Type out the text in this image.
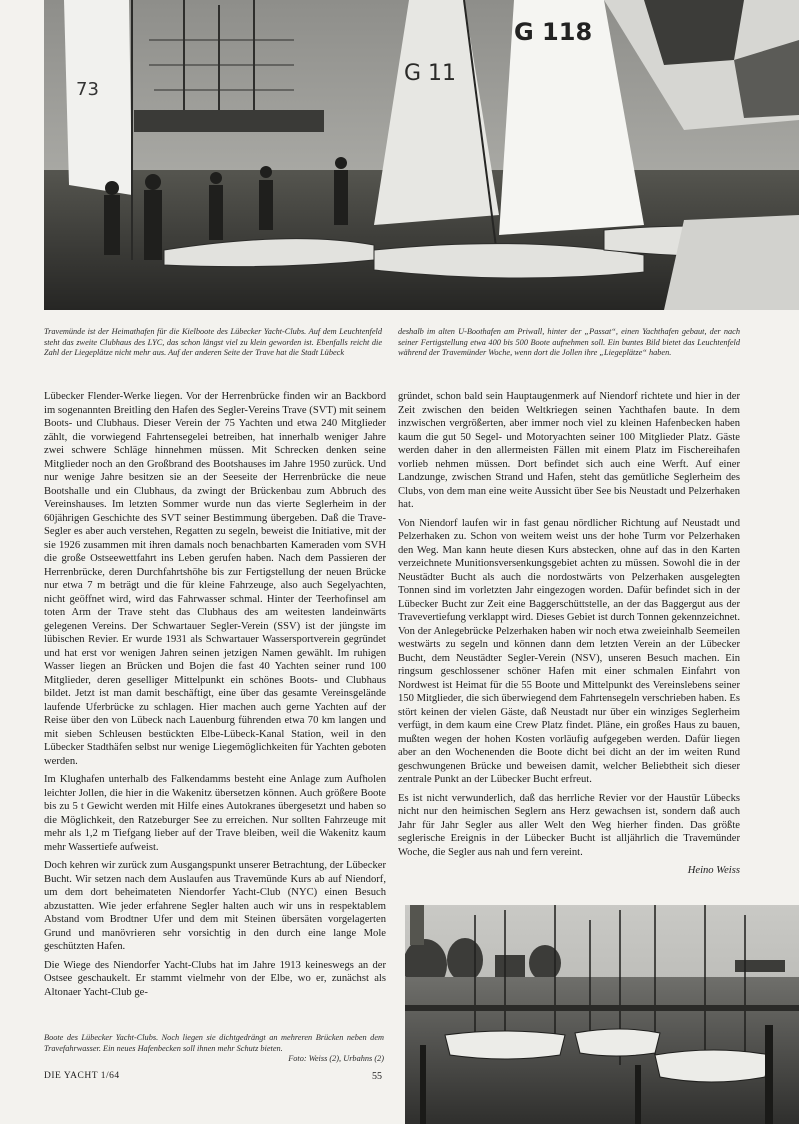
73
G 11
G 118

Travemünde ist der Heimathafen für die Kielboote des Lübecker Yacht-Clubs. Auf dem Leuchtenfeld steht das zweite Clubhaus des LYC, das schon längst viel zu klein geworden ist. Ebenfalls reicht die Zahl der Liegeplätze nicht mehr aus. Auf der anderen Seite der Trave hat die Stadt Lübeck

deshalb im alten U-Boothafen am Priwall, hinter der „Passat“, einen Yachthafen gebaut, der nach seiner Fertigstellung etwa 400 bis 500 Boote aufnehmen soll. Ein buntes Bild bietet das Leuchtenfeld während der Travemünder Woche, wenn dort die Jollen ihre „Liegeplätze“ haben.

Lübecker Flender-Werke liegen. Vor der Herrenbrücke finden wir an Backbord im sogenannten Breitling den Hafen des Segler-Vereins Trave (SVT) mit seinem Boots- und Clubhaus. Dieser Verein der 75 Yachten und etwa 240 Mitglieder zählt, die vorwiegend Fahrtensegelei betreiben, hat innerhalb weniger Jahre zwei schwere Schläge hinnehmen müssen. Mit Schrecken denken seine Mitglieder noch an den Großbrand des Bootshauses im Jahre 1950 zurück. Und nur wenige Jahre besitzen sie an der Seeseite der Herrenbrücke die neue Bootshalle und ein Clubhaus, da zwingt der Brückenbau zum Abbruch des Vereinshauses. Im letzten Sommer wurde nun das vierte Seglerheim in der 60jährigen Geschichte des SVT seiner Bestimmung übergeben. Daß die Trave-Segler es aber auch verstehen, Regatten zu segeln, beweist die Initiative, mit der sie 1926 zusammen mit ihren damals noch benachbarten Kameraden vom SVH die große Ostseewettfahrt ins Leben gerufen haben. Nach dem Passieren der Herrenbrücke, deren Durchfahrtshöhe bis zur Fertigstellung der neuen Brücke nur etwa 7 m beträgt und die für kleine Fahrzeuge, also auch Segelyachten, nicht geöffnet wird, wird das Fahrwasser schmal. Hinter der Teerhofinsel am toten Arm der Trave steht das Clubhaus des am weitesten landeinwärts gelegenen Vereins. Der Schwartauer Segler-Verein (SSV) ist der jüngste im lübischen Revier. Er wurde 1931 als Schwartauer Wassersportverein gegründet und hat erst vor wenigen Jahren seinen jetzigen Namen gewählt. Im ruhigen Wasser liegen an Brücken und Bojen die fast 40 Yachten seiner rund 100 Mitglieder, deren geselliger Mittelpunkt ein schönes Boots- und Clubhaus bildet. Jetzt ist man damit beschäftigt, eine über das gesamte Vereinsgelände laufende Uferbrücke zu schlagen. Hier machen auch gerne Yachten auf der Reise über den von Lübeck nach Lauenburg führenden etwa 70 km langen und mit sieben Schleusen bestückten Elbe-Lübeck-Kanal Station, weil in den Lübecker Stadthäfen selbst nur wenige Liegemöglichkeiten für Yachten geboten werden.

Im Klughafen unterhalb des Falkendamms besteht eine Anlage zum Aufholen leichter Jollen, die hier in die Wakenitz übersetzen können. Auch größere Boote bis zu 5 t Gewicht werden mit Hilfe eines Autokranes übergesetzt und haben so die Möglichkeit, den Ratzeburger See zu erreichen. Nur sollten Fahrzeuge mit mehr als 1,2 m Tiefgang lieber auf der Trave bleiben, weil die Wakenitz kaum mehr Wassertiefe aufweist.

Doch kehren wir zurück zum Ausgangspunkt unserer Betrachtung, der Lübecker Bucht. Wir setzen nach dem Auslaufen aus Travemünde Kurs ab auf Niendorf, um dem dort beheimateten Niendorfer Yacht-Club (NYC) einen Besuch abzustatten. Wie jeder erfahrene Segler halten auch wir uns in respektablem Abstand vom Brodtner Ufer und dem mit Steinen übersäten vorgelagerten Grund und manövrieren sehr vorsichtig in den durch eine lange Mole geschützten Hafen.

Die Wiege des Niendorfer Yacht-Clubs hat im Jahre 1913 keineswegs an der Ostsee geschaukelt. Er stammt vielmehr von der Elbe, wo er, zunächst als Altonaer Yacht-Club ge-

gründet, schon bald sein Hauptaugenmerk auf Niendorf richtete und hier in der Zeit zwischen den beiden Weltkriegen seinen Yachthafen baute. In dem inzwischen vergrößerten, aber immer noch viel zu kleinen Hafenbecken haben kaum die gut 50 Segel- und Motoryachten seiner 100 Mitglieder Platz. Gäste werden daher in den allermeisten Fällen mit einem Platz im Fischereihafen vorlieb nehmen müssen. Dort befindet sich auch eine Werft. Auf einer Landzunge, zwischen Strand und Hafen, steht das gemütliche Seglerheim des Clubs, von dem man eine weite Aussicht über See bis Neustadt und Pelzerhaken hat.

Von Niendorf laufen wir in fast genau nördlicher Richtung auf Neustadt und Pelzerhaken zu. Schon von weitem weist uns der hohe Turm vor Pelzerhaken den Weg. Man kann heute diesen Kurs abstecken, ohne auf das in den Karten verzeichnete Munitionsversenkungsgebiet achten zu müssen. Sowohl die in der Neustädter Bucht als auch die nordostwärts von Pelzerhaken ausgelegten Tonnen sind im vorletzten Jahr eingezogen worden. Dafür befindet sich in der Lübecker Bucht zur Zeit eine Baggerschüttstelle, an der das Baggergut aus der Travevertiefung verklappt wird. Dieses Gebiet ist durch Tonnen gekennzeichnet. Von der Anlegebrücke Pelzerhaken haben wir noch etwa zweieinhalb Seemeilen westwärts zu segeln und können dann dem letzten Verein an der Lübecker Bucht, dem Neustädter Segler-Verein (NSV), unseren Besuch machen. Ein ringsum geschlossener schöner Hafen mit einer schmalen Einfahrt von Nordwest ist Heimat für die 55 Boote und Mittelpunkt des Vereinslebens seiner 150 Mitglieder, die sich überwiegend dem Fahrtensegeln verschrieben haben. Es stört keinen der vielen Gäste, daß Neustadt nur über ein winziges Seglerheim verfügt, in dem kaum eine Crew Platz findet. Pläne, ein großes Haus zu bauen, mußten wegen der hohen Kosten vorläufig aufgegeben werden. Dafür liegen aber an den Wochenenden die Boote dicht bei dicht an der im weiten Rund geschwungenen Brücke und beweisen damit, welcher Beliebtheit sich dieser zentrale Punkt an der Lübecker Bucht erfreut.

Es ist nicht verwunderlich, daß das herrliche Revier vor der Haustür Lübecks nicht nur den heimischen Seglern ans Herz gewachsen ist, sondern daß auch Jahr für Jahr Segler aus aller Welt den Weg hierher finden. Das größte seglerische Ereignis in der Lübecker Bucht ist alljährlich die Travemünder Woche, die Segler aus nah und fern vereint.

Heino Weiss

Boote des Lübecker Yacht-Clubs. Noch liegen sie dichtgedrängt an mehreren Brücken neben dem Travefahrwasser. Ein neues Hafenbecken soll ihnen mehr Schutz bieten.
Foto: Weiss (2), Urbahns (2)

DIE YACHT 1/64	55
